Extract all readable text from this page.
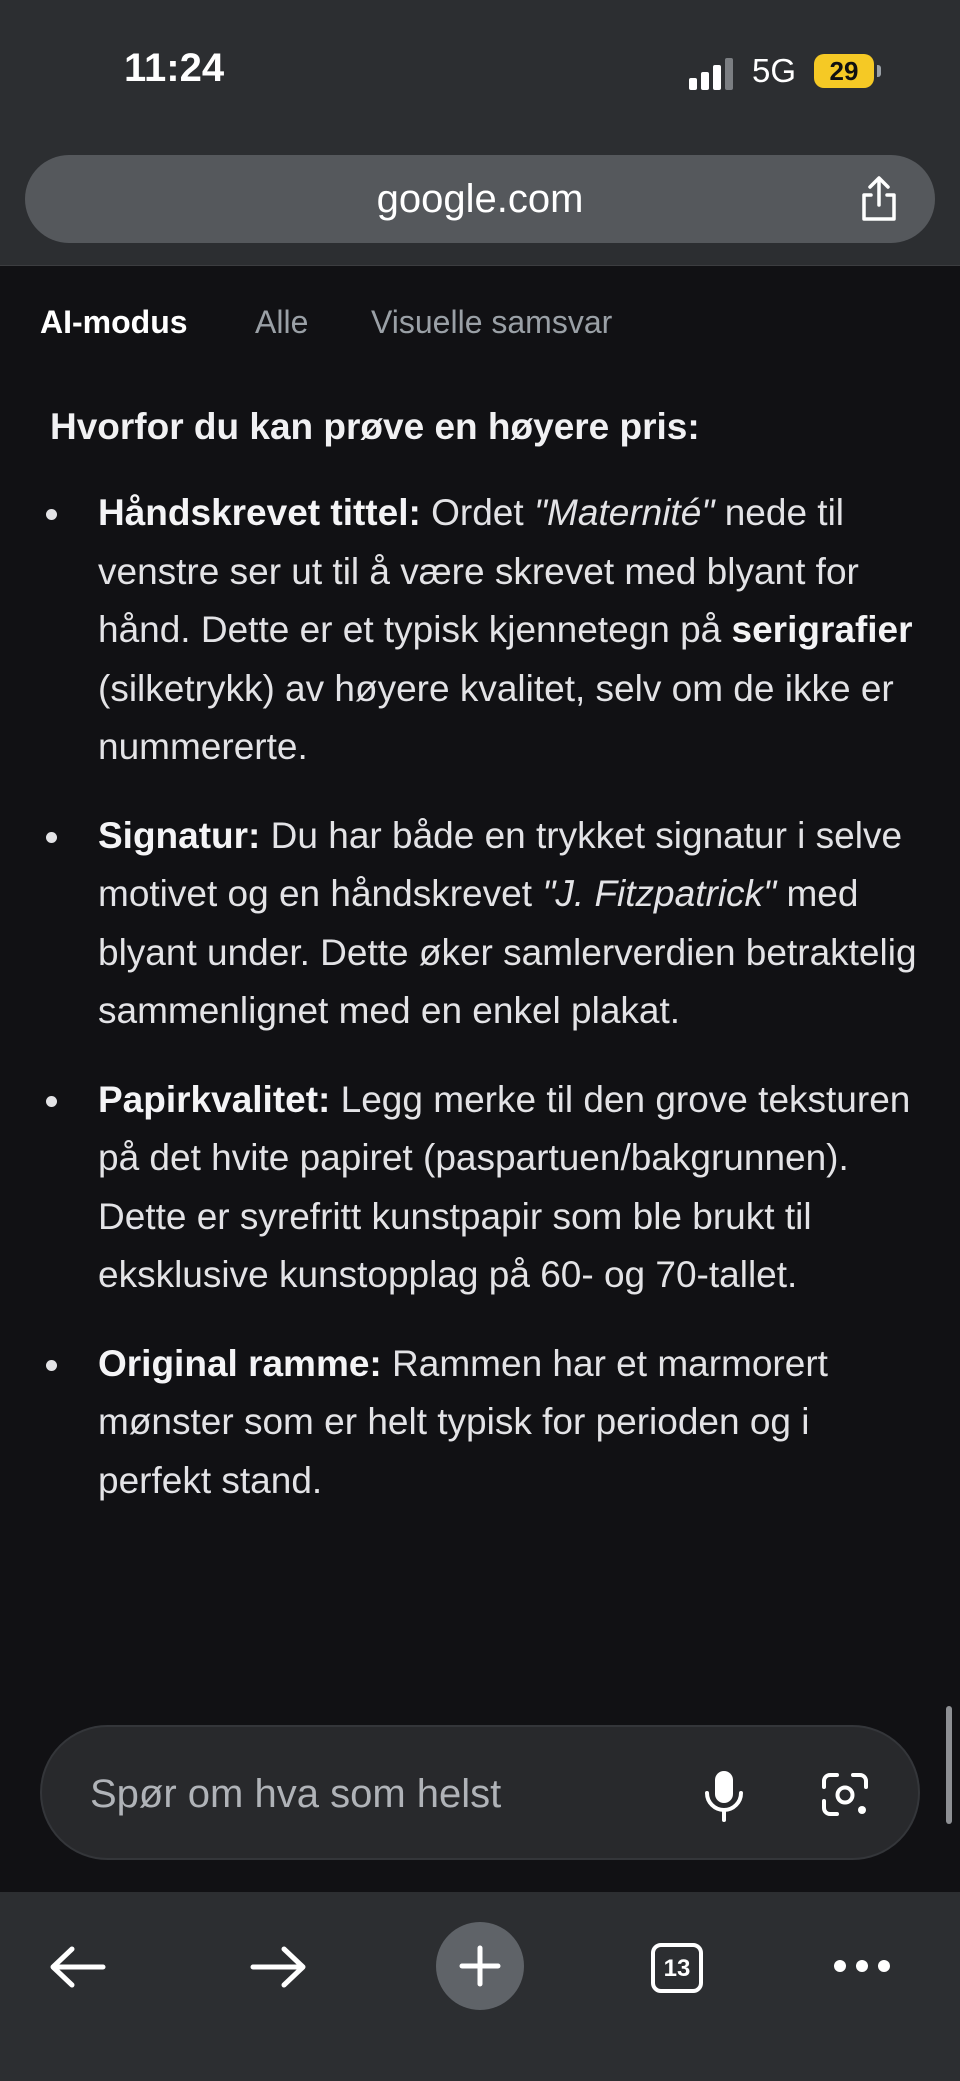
11:24	5G	29
google.com
AI-modus Alle Visuelle samsvar
Hvorfor du kan prøve en høyere pris:
Håndskrevet tittel: Ordet "Maternité" nede til venstre ser ut til å være skrevet med blyant for hånd. Dette er et typisk kjennetegn på serigrafier (silketrykk) av høyere kvalitet, selv om de ikke er nummererte.
Signatur: Du har både en trykket signatur i selve motivet og en håndskrevet "J. Fitzpatrick" med blyant under. Dette øker samlerverdien betraktelig sammenlignet med en enkel plakat.
Papirkvalitet: Legg merke til den grove teksturen på det hvite papiret (paspartuen/bakgrunnen). Dette er syrefritt kunstpapir som ble brukt til eksklusive kunstopplag på 60- og 70-tallet.
Original ramme: Rammen har et marmorert mønster som er helt typisk for perioden og i perfekt stand.
Spør om hva som helst
13
